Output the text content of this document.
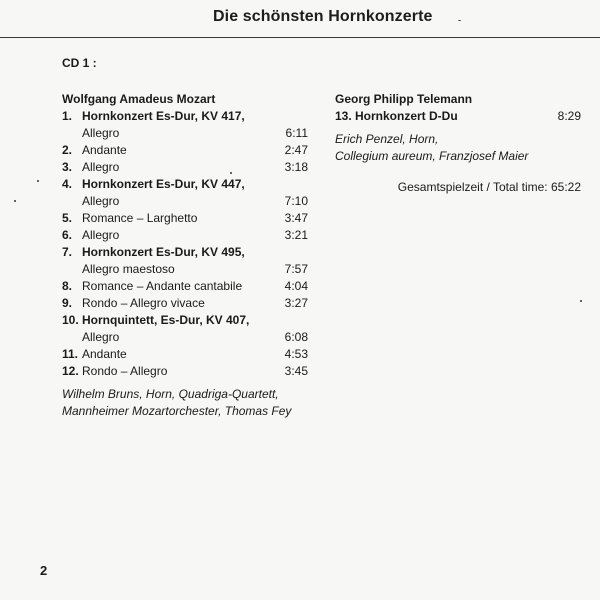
Die schönsten Hornkonzerte
CD 1 :
Wolfgang Amadeus Mozart
1. Hornkonzert Es-Dur, KV 417,
Allegro	6:11
2. Andante	2:47
3. Allegro	3:18
4. Hornkonzert Es-Dur, KV 447,
Allegro	7:10
5. Romance – Larghetto	3:47
6. Allegro	3:21
7. Hornkonzert Es-Dur, KV 495,
Allegro maestoso	7:57
8. Romance – Andante cantabile	4:04
9. Rondo – Allegro vivace	3:27
10. Hornquintett, Es-Dur, KV 407,
Allegro	6:08
11. Andante	4:53
12. Rondo – Allegro	3:45
Wilhelm Bruns, Horn, Quadriga-Quartett,
Mannheimer Mozartorchester, Thomas Fey
Georg Philipp Telemann
13. Hornkonzert D-Du	8:29
Erich Penzel, Horn,
Collegium aureum, Franzjosef Maier
Gesamtspielzeit / Total time: 65:22
2
